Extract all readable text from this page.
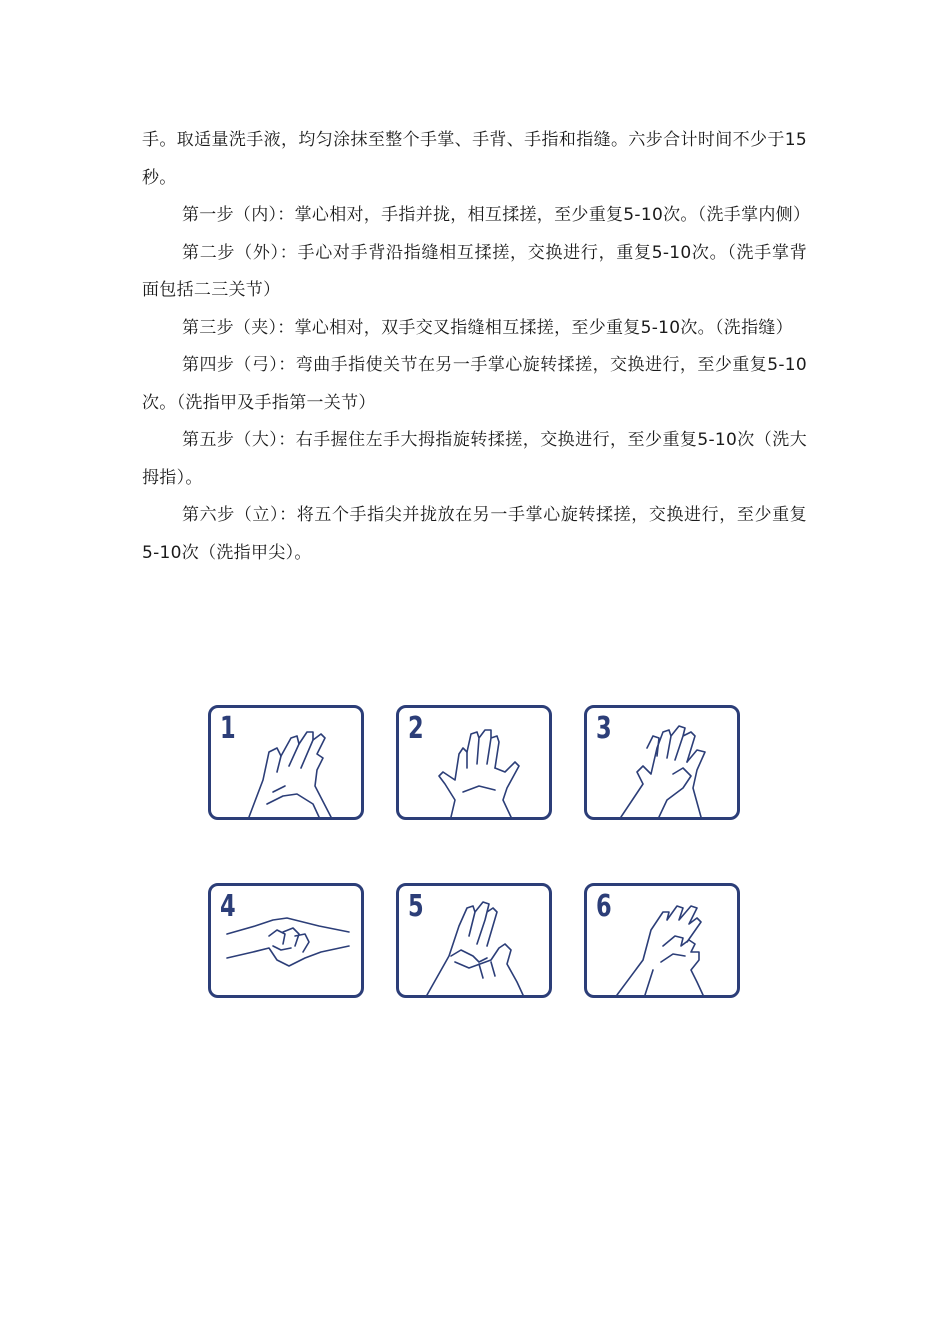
手。取适量洗手液，均匀涂抹至整个手掌、手背、手指和指缝。六步合计时间不少于15秒。

第一步（内）：掌心相对，手指并拢，相互揉搓，至少重复5-10次。（洗手掌内侧）

第二步（外）：手心对手背沿指缝相互揉搓，交换进行，重复5-10次。（洗手掌背面包括二三关节）

第三步（夹）：掌心相对，双手交叉指缝相互揉搓，至少重复5-10次。（洗指缝）

第四步（弓）：弯曲手指使关节在另一手掌心旋转揉搓，交换进行，至少重复5-10次。（洗指甲及手指第一关节）

第五步（大）：右手握住左手大拇指旋转揉搓，交换进行，至少重复5-10次（洗大拇指）。

第六步（立）：将五个手指尖并拢放在另一手掌心旋转揉搓，交换进行，至少重复5-10次（洗指甲尖）。

1	2	3
4	5	6
